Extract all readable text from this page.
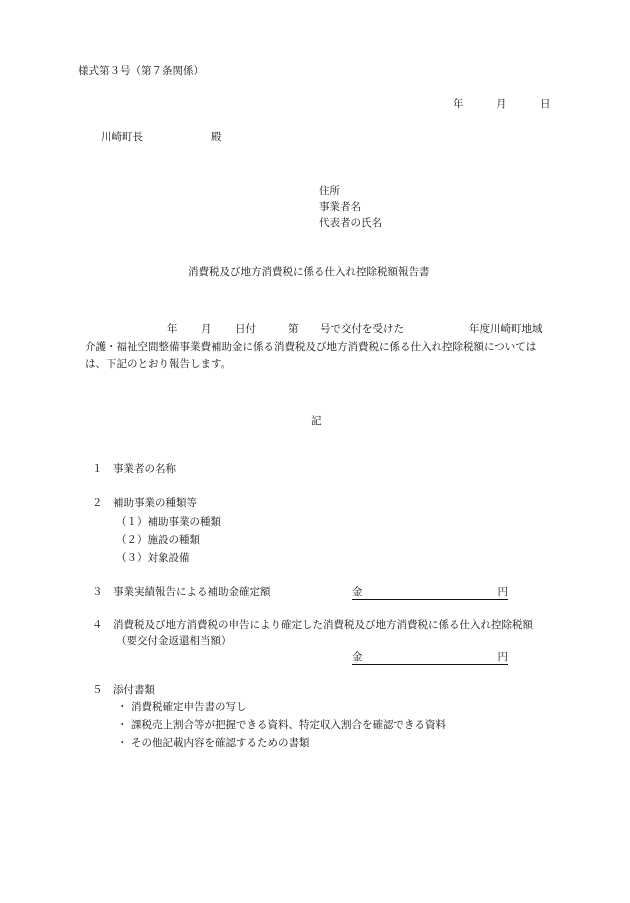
様式第３号（第７条関係）
年	月	日
川崎町長	殿
住所
事業者名
代表者の氏名
消費税及び地方消費税に係る仕入れ控除税額報告書
年 月 日付	第 号で交付を受けた	年度川崎町地域
介護・福祉空間整備事業費補助金に係る消費税及び地方消費税に係る仕入れ控除税額については
は、下記のとおり報告します。
記
１ 事業者の名称
２ 補助事業の種類等
（１）補助事業の種類
（２）施設の種類
（３）対象設備
３ 事業実績報告による補助金確定額	金	円
４ 消費税及び地方消費税の申告により確定した消費税及び地方消費税に係る仕入れ控除税額
（要交付金返還相当額）
金	円
５ 添付書類
・ 消費税確定申告書の写し
・ 課税売上割合等が把握できる資料、特定収入割合を確認できる資料
・ その他記載内容を確認するための書類
